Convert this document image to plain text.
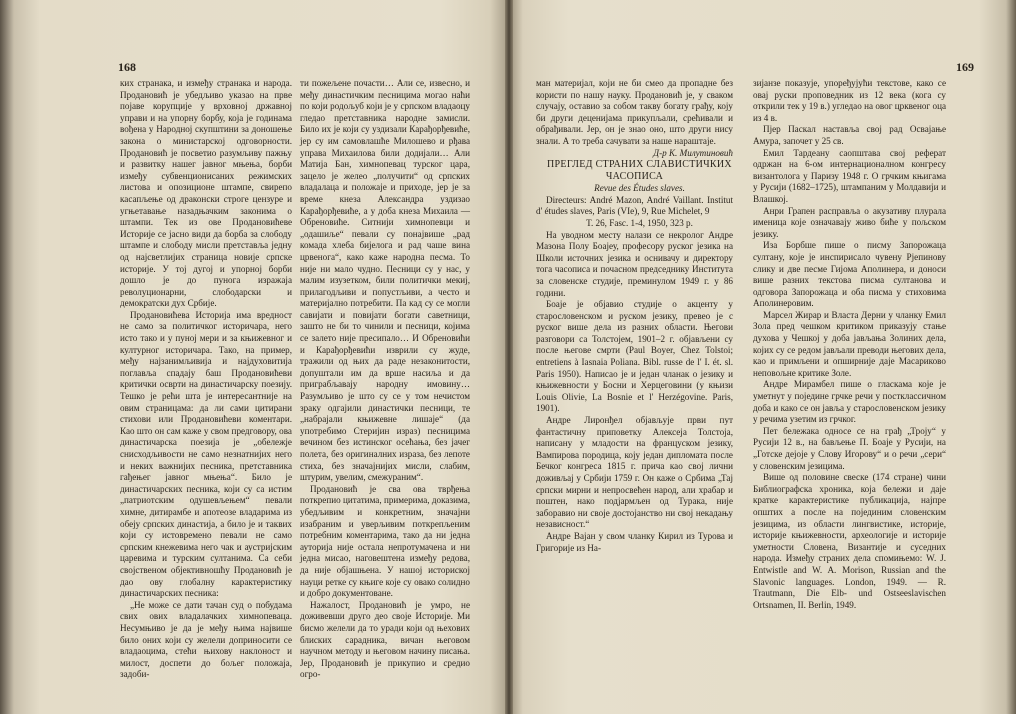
168

ких странака, и између странака и народа. Продановић је убедљиво указао на прве појаве корупције у врховној државној управи и на упорну борбу, која је годинама вођена у Народној скупштини за доношење закона о министарској одговорности. Продановић је посветио разумљиву пажњу и развитку нашег јавног мњења, борби између субвенционисаних режимских листова и опозиционе штампе, свирепо касапљење од драконски строге цензуре и угњетавање назадњачким законима о штампи. Тек из ове Продановићеве Историје се јасно види да борба за слободу штампе и слободу мисли претставља једну од најсветлијих страница новије српске историје. У тој дугој и упорној борби дошло је до пунога изражаја револуционарни, слободарски и демократски дух Србије.

Продановићева Историја има вредност не само за политичког историчара, него исто тако и у пуној мери и за књижевног и културног историчара. Тако, на пример, међу најзанимљивија и најдуховитија поглавља спадају баш Продановићеви критички осврти на династичарску поезију. Тешко је рећи шта је интересантније на овим страницама: да ли сами цитирани стихови или Продановићеви коментари. Као што он сам каже у свом предговору, ова династичарска поезија је „обележје снисходљивости не само незнатнијих него и неких важнијих песника, претставника гађењег јавног мњења“. Било је династичарских песника, који су са истим „патриотским одушевљењем“ певали химне, дитирамбе и апотеозе владарима из обеју српских династија, а било је и таквих који су истовремено певали не само српским кнежевима него чак и аустријским царевима и турским султанима. Са себи својственом објективношћу Продановић је дао ову глобалну карактеристику династичарских песника:

„Не може се дати тачан суд о побудама свих ових владалачких химнопеваца. Несумњиво је да је међу њима највише било оних који су желели доприносити се владаоцима, стећи њихову наклоност и милост, доспети до бољег положаја, задоби-

ти пожељене почасти… Али се, извесно, и међу династичким песницима могао наћи по који родољуб који је у српском владаоцу гледао претставника народне замисли. Било их је који су уздизали Карађорђевиће, јер су им самовлашће Милошево и рђава управа Михаилова били додијали… Али Матија Бан, химнопевац турског цара, зацело је желео „получити“ од српских владалаца и положаје и приходе, јер је за време кнеза Александра уздизао Карађорђевиће, а у доба кнеза Михаила — Обреновиће. Ситнији химнопевци и „одашиље“ певали су понајвише „рад комада хлеба бијелога и рад чаше вина црвенога“, како каже народна песма. То није ни мало чудно. Песници су у нас, у малим изузетком, били политички мекиј, прилагодљиви и попустљиви, а често и материјално потребити. Па кад су се могли савијати и повијати богати саветници, зашто не би то чинили и песници, којима се залето није пресипало… И Обреновићи и Карађорђевићи изврили су жуде, тражили од њих да раде незаконитости, допуштали им да врше насиља и да приграбљавају народну имовину… Разумљиво је што су се у том нечистом зраку одгајили династички песници, те „набрајали књижевне лишаје“ (да употребимо Стеријин израз) песницима вечином без истинског осећања, без јачег полета, без оригиналних израза, без лепоте стиха, без значајнијих мисли, слабим, штурим, увелим, смежураним“.

Продановић је сва ова тврђења поткрепио цитатима, примерима, доказима, убедљивим и конкретним, значајни изабраним и уверљивим поткрепљеним потребним коментарима, тако да ни једна ауторија није остала непротумачена и ни једна мисао, наговештена између редова, да није објашњена. У нашој историској науци ретке су књиге које су овако солидно и добро документоване.

Нажалост, Продановић је умро, не доживевши друго део своје Историје. Ми бисмо желели да то уради који од њехових блиских сарадника, вичан његовом научном методу и његовом начину писања. Јер, Продановић је прикупио и средио огро-

169

ман материјал, који не би смео да пропадне без користи по нашу науку. Продановић је, у сваком случају, оставио за собом такву богату грађу, коју би други деценијама прикупљали, срећивали и обрађивали. Јер, он је знао оно, што други нису знали. А то треба сачувати за наше нараштаје.

Д-р К. Милутиновић

ПРЕГЛЕД СТРАНИХ СЛАВИСТИЧКИХ ЧАСОПИСА

Revue des Études slaves.

Directeurs: André Mazon, André Vaillant. Institut d' études slaves, Paris (VIe), 9, Rue Michelet, 9

T. 26, Fasc. 1-4, 1950, 323 p.

На уводном месту налази се некролог Андре Мазона Полу Боајеу, професору руског језика на Школи источних језика и оснивачу и директору тога часописа и почасном председнику Института за словенске студије, преминулом 1949 г. у 86 години.

Боаје је објавио студије о акценту у старословенском и руском језику, превео је с руског више дела из разних области. Његови разговори са Толстојем, 1901–2 г. објављени су после његове смрти (Paul Boyer, Chez Tolstoi; entretiens à Iasnaia Poliana. Bibl. russe de l' I. ét. sl. Paris 1950). Написао је и један чланак о језику и књижевности у Босни и Херцеговини (у књизи Louis Olivie, La Bosnie et l' Herzégovine. Paris, 1901).

Андре Лиронђел објављује први пут фантастичну приповетку Алексеја Толстоја, написану у младости на француском језику, Вампирова породица, коју један дипломата после Бечког конгреса 1815 г. прича као свој лични доживљај у Србији 1759 г. Он каже о Србима „Тај српски мирни и непросвећен народ, али храбар и поштен, нако подјармљен од Турака, није заборавио ни своје достојанство ни свој некадању независност.“

Андре Вајан у свом чланку Кирил из Турова и Григорије из На-

зијанзе показује, упоређујући текстове, како се овај руски проповедник из 12 века (кога су открили тек у 19 в.) угледао на овог црквеног оца из 4 в.

Пјер Паскал наставља свој рад Освајање Амура, започет у 25 св.

Емил Тардеану саопштава свој реферат одржан на 6-ом интернационалном конгресу византолога у Паризу 1948 г. О грчким књигама у Русији (1682–1725), штампаним у Молдавији и Влашкој.

Анри Грапен расправља о акузативу плурала именица које означавају живо биће у пољском језику.

Иза Борбше пише о писму Запорожаца султану, које је инспирисало чувену Рјепинову слику и две песме Гијома Аполинера, и доноси више разних текстова писма султанова и одговора Запорожаца и оба писма у стиховима Аполинеровим.

Марсел Жирар и Власта Дерни у чланку Емил Зола пред чешком критиком приказују стање духова у Чешкој у доба јављања Золиних дела, којих су се редом јављали преводи његових дела, као и примљени и опширније даје Масариково неповољне критике Золе.

Андре Мирамбел пише о гласкама које је уметнут у поједине грчке речи у постклассичном доба и како се он јавља у старословенском језику у речима узетим из грчког.

Пет бележака односе се на грађ „Троју“ у Русији 12 в., на бављење П. Боаје у Русији, на „Готске дејоје у Слову Игорову“ и о речи „сери“ у словенским језицима.

Више од половине свеске (174 стране) чини Библиографска хроника, која бележи и даје кратке карактеристике публикација, најпре општих а после на појединим словенским језицима, из области лингвистике, историје, историје књижевности, археологије и историје уметности Словена, Византије и суседних народа. Између страних дела спомињемо: W. J. Entwistle and W. A. Morison, Russian and the Slavonic languages. London, 1949. — R. Trautmann, Die Elb- und Ostseeslavischen Ortsnamen, II. Berlin, 1949.
